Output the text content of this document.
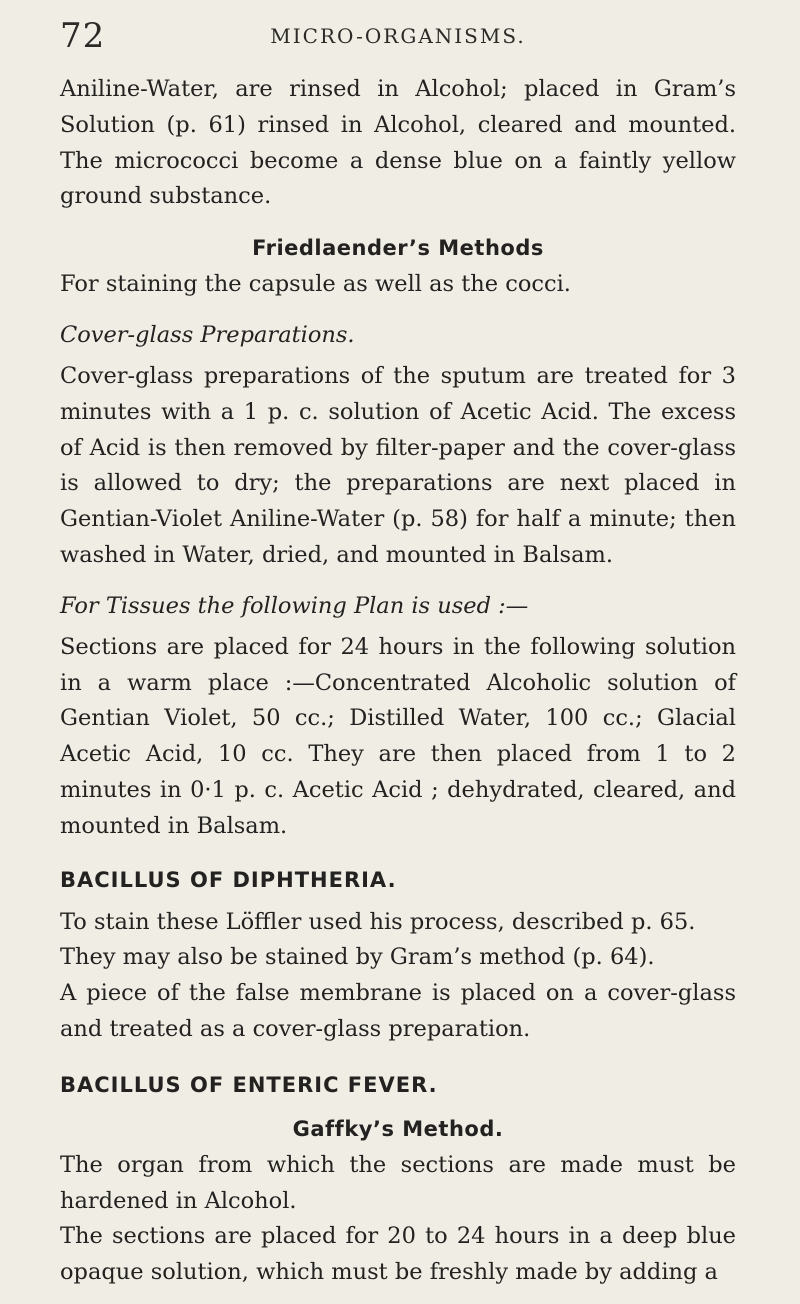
72	MICRO-ORGANISMS.

Aniline-Water, are rinsed in Alcohol; placed in Gram’s Solution (p. 61) rinsed in Alcohol, cleared and mounted. The micrococci become a dense blue on a faintly yellow ground substance.

Friedlaender’s Methods

For staining the capsule as well as the cocci.

Cover-glass Preparations.

Cover-glass preparations of the sputum are treated for 3 minutes with a 1 p. c. solution of Acetic Acid. The excess of Acid is then removed by filter-paper and the cover-glass is allowed to dry; the preparations are next placed in Gentian-Violet Aniline-Water (p. 58) for half a minute; then washed in Water, dried, and mounted in Balsam.

For Tissues the following Plan is used :—

Sections are placed for 24 hours in the following solution in a warm place :—Concentrated Alcoholic solution of Gentian Violet, 50 cc.; Distilled Water, 100 cc.; Glacial Acetic Acid, 10 cc. They are then placed from 1 to 2 minutes in 0·1 p. c. Acetic Acid ; dehydrated, cleared, and mounted in Balsam.

BACILLUS OF DIPHTHERIA.

To stain these Löffler used his process, described p. 65.

They may also be stained by Gram’s method (p. 64).

A piece of the false membrane is placed on a cover-glass and treated as a cover-glass preparation.

BACILLUS OF ENTERIC FEVER.
Gaffky’s Method.

The organ from which the sections are made must be hardened in Alcohol.

The sections are placed for 20 to 24 hours in a deep blue opaque solution, which must be freshly made by adding a
